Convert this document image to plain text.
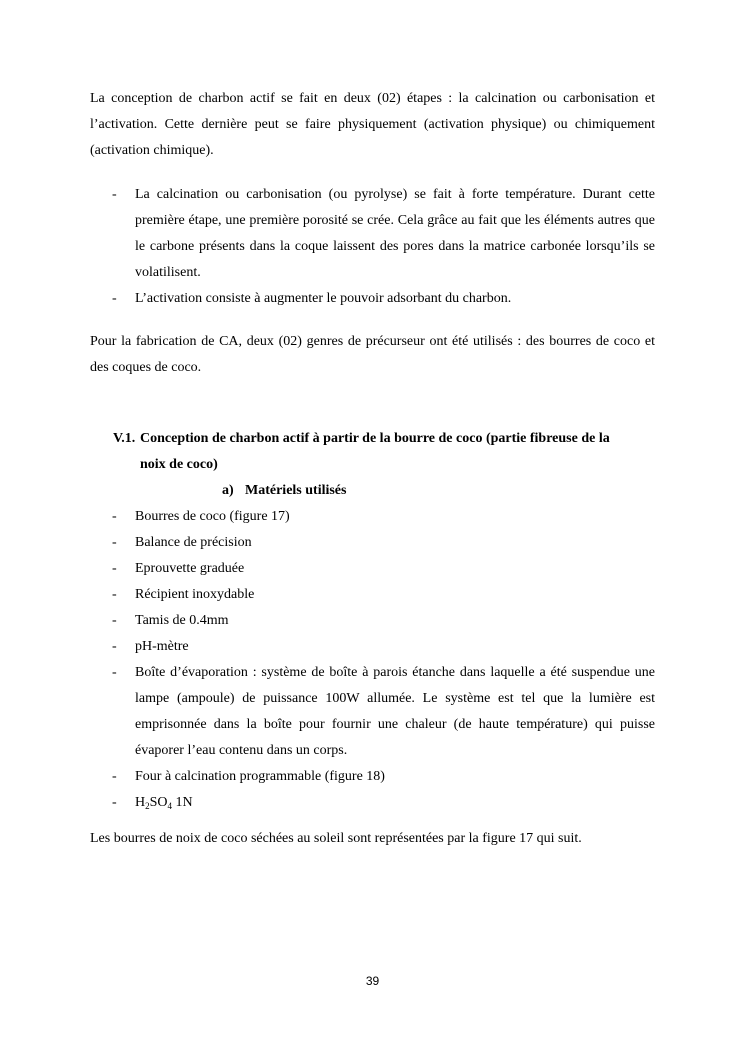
La conception de charbon actif se fait en deux (02) étapes : la calcination ou carbonisation et l’activation. Cette dernière peut se faire physiquement (activation physique) ou chimiquement (activation chimique).

- La calcination ou carbonisation (ou pyrolyse) se fait à forte température. Durant cette première étape, une première porosité se crée. Cela grâce au fait que les éléments autres que le carbone présents dans la coque laissent des pores dans la matrice carbonée lorsqu’ils se volatilisent.
- L’activation consiste à augmenter le pouvoir adsorbant du charbon.

Pour la fabrication de CA, deux (02) genres de précurseur ont été utilisés : des bourres de coco et des coques de coco.

V.1. Conception de charbon actif à partir de la bourre de coco (partie fibreuse de la
noix de coco)
a) Matériels utilisés
- Bourres de coco (figure 17)
- Balance de précision
- Eprouvette graduée
- Récipient inoxydable
- Tamis de 0.4mm
- pH-mètre
- Boîte d’évaporation : système de boîte à parois étanche dans laquelle a été suspendue une lampe (ampoule) de puissance 100W allumée. Le système est tel que la lumière est emprisonnée dans la boîte pour fournir une chaleur (de haute température) qui puisse évaporer l’eau contenu dans un corps.
- Four à calcination programmable (figure 18)
- $H_2SO_4$ 1N

Les bourres de noix de coco séchées au soleil sont représentées par la figure 17 qui suit.

39
